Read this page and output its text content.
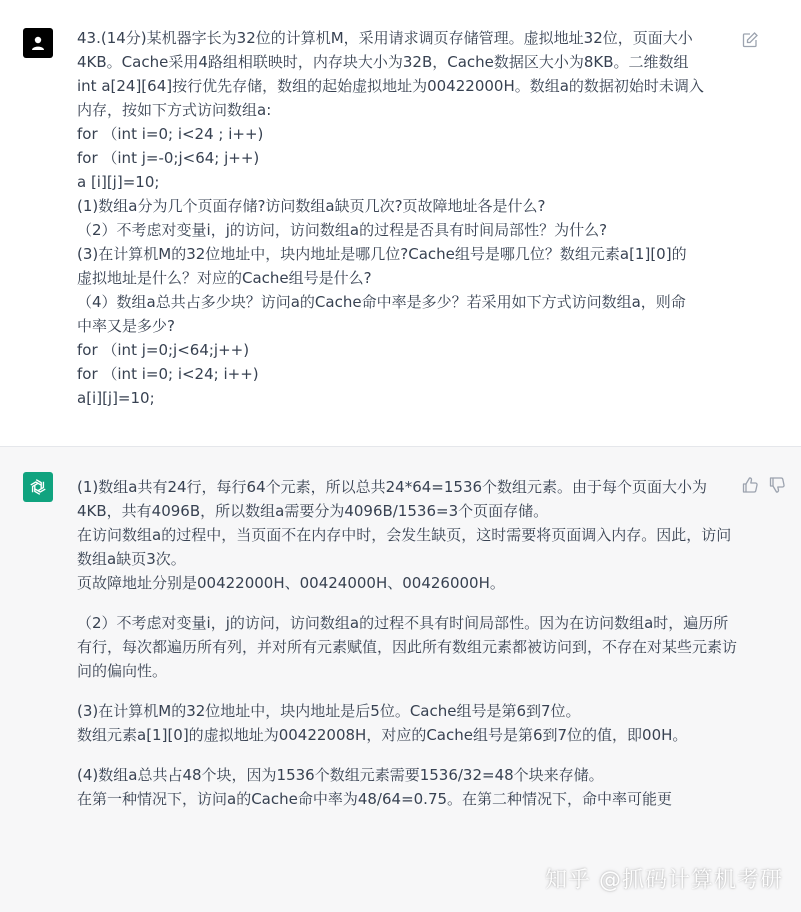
43.(14分)某机器字长为32位的计算机M，采用请求调页存储管理。虚拟地址32位，页面大小
4KB。Cache采用4路组相联映时，内存块大小为32B，Cache数据区大小为8KB。二维数组
int a[24][64]按行优先存储，数组的起始虚拟地址为00422000H。数组a的数据初始时未调入
内存，按如下方式访问数组a:
for （int i=0; i<24 ; i++)
for （int j=-0;j<64; j++)
a [i][j]=10;
(1)数组a分为几个页面存储?访问数组a缺页几次?页故障地址各是什么?
（2）不考虑对变量i，j的访问，访问数组a的过程是否具有时间局部性？为什么?
(3)在计算机M的32位地址中，块内地址是哪几位?Cache组号是哪几位？数组元素a[1][0]的
虚拟地址是什么？对应的Cache组号是什么?
（4）数组a总共占多少块？访问a的Cache命中率是多少？若采用如下方式访问数组a，则命
中率又是多少?
for （int j=0;j<64;j++)
for （int i=0; i<24; i++)
a[i][j]=10;
(1)数组a共有24行，每行64个元素，所以总共24*64=1536个数组元素。由于每个页面大小为4KB，共有4096B，所以数组a需要分为4096B/1536=3个页面存储。
在访问数组a的过程中，当页面不在内存中时，会发生缺页，这时需要将页面调入内存。因此，访问数组a缺页3次。
页故障地址分别是00422000H、00424000H、00426000H。
（2）不考虑对变量i，j的访问，访问数组a的过程不具有时间局部性。因为在访问数组a时，遍历所有行，每次都遍历所有列，并对所有元素赋值，因此所有数组元素都被访问到，不存在对某些元素访问的偏向性。
(3)在计算机M的32位地址中，块内地址是后5位。Cache组号是第6到7位。
数组元素a[1][0]的虚拟地址为00422008H，对应的Cache组号是第6到7位的值，即00H。
(4)数组a总共占48个块，因为1536个数组元素需要1536/32=48个块来存储。
在第一种情况下，访问a的Cache命中率为48/64=0.75。在第二种情况下，命中率可能更
知乎 @抓码计算机考研
